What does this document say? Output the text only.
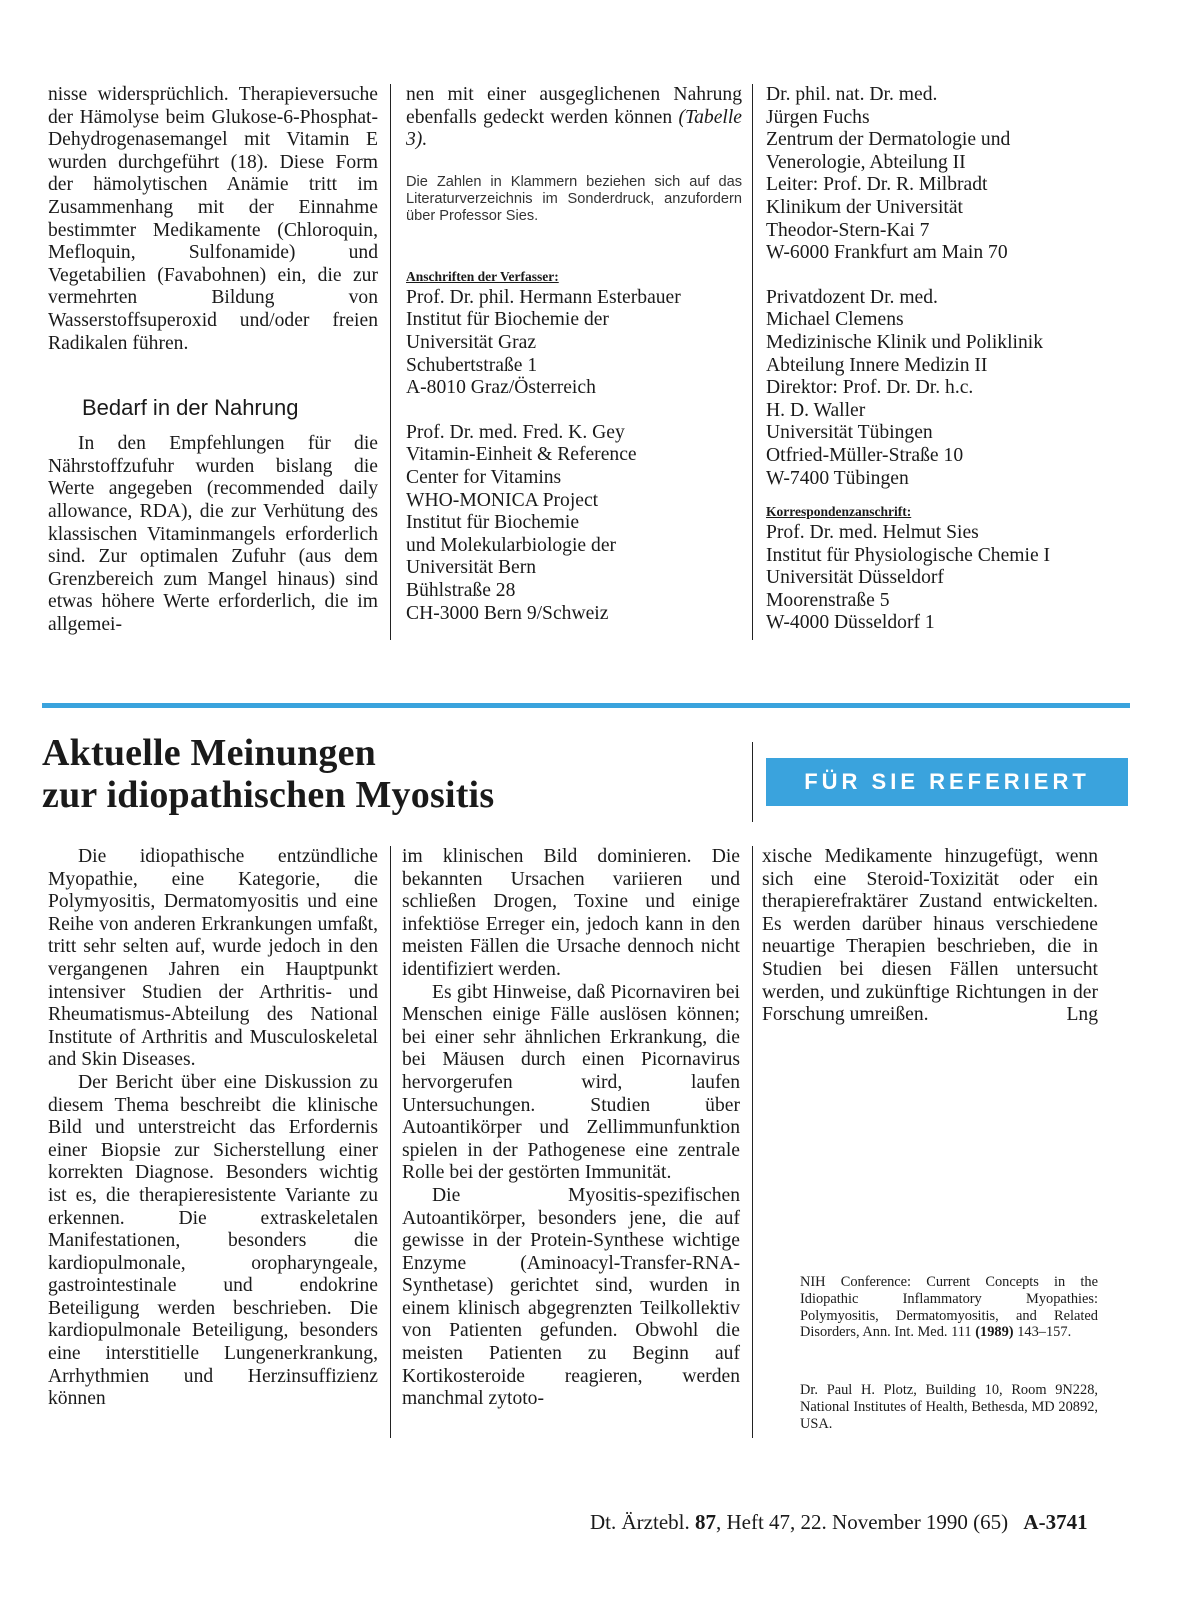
nisse widersprüchlich. Therapieversuche der Hämolyse beim Glukose-6-Phosphat-Dehydrogenasemangel mit Vitamin E wurden durchgeführt (18). Diese Form der hämolytischen Anämie tritt im Zusammenhang mit der Einnahme bestimmter Medikamente (Chloroquin, Mefloquin, Sulfonamide) und Vegetabilien (Favabohnen) ein, die zur vermehrten Bildung von Wasserstoffsuperoxid und/oder freien Radikalen führen.

Bedarf in der Nahrung

In den Empfehlungen für die Nährstoffzufuhr wurden bislang die Werte angegeben (recommended daily allowance, RDA), die zur Verhütung des klassischen Vitaminmangels erforderlich sind. Zur optimalen Zufuhr (aus dem Grenzbereich zum Mangel hinaus) sind etwas höhere Werte erforderlich, die im allgemei-

nen mit einer ausgeglichenen Nahrung ebenfalls gedeckt werden können (Tabelle 3).

Die Zahlen in Klammern beziehen sich auf das Literaturverzeichnis im Sonderdruck, anzufordern über Professor Sies.

Anschriften der Verfasser:

Prof. Dr. phil. Hermann Esterbauer
Institut für Biochemie der
Universität Graz
Schubertstraße 1
A-8010 Graz/Österreich
Prof. Dr. med. Fred. K. Gey
Vitamin-Einheit & Reference
Center for Vitamins
WHO-MONICA Project
Institut für Biochemie
und Molekularbiologie der
Universität Bern
Bühlstraße 28
CH-3000 Bern 9/Schweiz
Dr. phil. nat. Dr. med.
Jürgen Fuchs
Zentrum der Dermatologie und
Venerologie, Abteilung II
Leiter: Prof. Dr. R. Milbradt
Klinikum der Universität
Theodor-Stern-Kai 7
W-6000 Frankfurt am Main 70
Privatdozent Dr. med.
Michael Clemens
Medizinische Klinik und Poliklinik
Abteilung Innere Medizin II
Direktor: Prof. Dr. Dr. h.c.
H. D. Waller
Universität Tübingen
Otfried-Müller-Straße 10
W-7400 Tübingen

Korrespondenzanschrift:

Prof. Dr. med. Helmut Sies
Institut für Physiologische Chemie I
Universität Düsseldorf
Moorenstraße 5
W-4000 Düsseldorf 1
Aktuelle Meinungen
zur idiopathischen Myositis	FÜR SIE REFERIERT

Die idiopathische entzündliche Myopathie, eine Kategorie, die Polymyositis, Dermatomyositis und eine Reihe von anderen Erkrankungen umfaßt, tritt sehr selten auf, wurde jedoch in den vergangenen Jahren ein Hauptpunkt intensiver Studien der Arthritis- und Rheumatismus-Abteilung des National Institute of Arthritis and Musculoskeletal and Skin Diseases.

Der Bericht über eine Diskussion zu diesem Thema beschreibt die klinische Bild und unterstreicht das Erfordernis einer Biopsie zur Sicherstellung einer korrekten Diagnose. Besonders wichtig ist es, die therapieresistente Variante zu erkennen. Die extraskeletalen Manifestationen, besonders die kardiopulmonale, oropharyngeale, gastrointestinale und endokrine Beteiligung werden beschrieben. Die kardiopulmonale Beteiligung, besonders eine interstitielle Lungenerkrankung, Arrhythmien und Herzinsuffizienz können

im klinischen Bild dominieren. Die bekannten Ursachen variieren und schließen Drogen, Toxine und einige infektiöse Erreger ein, jedoch kann in den meisten Fällen die Ursache dennoch nicht identifiziert werden.

Es gibt Hinweise, daß Picornaviren bei Menschen einige Fälle auslösen können; bei einer sehr ähnlichen Erkrankung, die bei Mäusen durch einen Picornavirus hervorgerufen wird, laufen Untersuchungen. Studien über Autoantikörper und Zellimmunfunktion spielen in der Pathogenese eine zentrale Rolle bei der gestörten Immunität.

Die Myositis-spezifischen Autoantikörper, besonders jene, die auf gewisse in der Protein-Synthese wichtige Enzyme (Aminoacyl-Transfer-RNA-Synthetase) gerichtet sind, wurden in einem klinisch abgegrenzten Teilkollektiv von Patienten gefunden. Obwohl die meisten Patienten zu Beginn auf Kortikosteroide reagieren, werden manchmal zytoto-

xische Medikamente hinzugefügt, wenn sich eine Steroid-Toxizität oder ein therapierefraktärer Zustand entwickelten. Es werden darüber hinaus verschiedene neuartige Therapien beschrieben, die in Studien bei diesen Fällen untersucht werden, und zukünftige Richtungen in der Forschung umreißen.	Lng

NIH Conference: Current Concepts in the Idiopathic Inflammatory Myopathies: Polymyositis, Dermatomyositis, and Related Disorders, Ann. Int. Med. 111 (1989) 143–157.
Dr. Paul H. Plotz, Building 10, Room 9N228, National Institutes of Health, Bethesda, MD 20892, USA.
Dt. Ärztebl. 87, Heft 47, 22. November 1990 (65) A-3741
